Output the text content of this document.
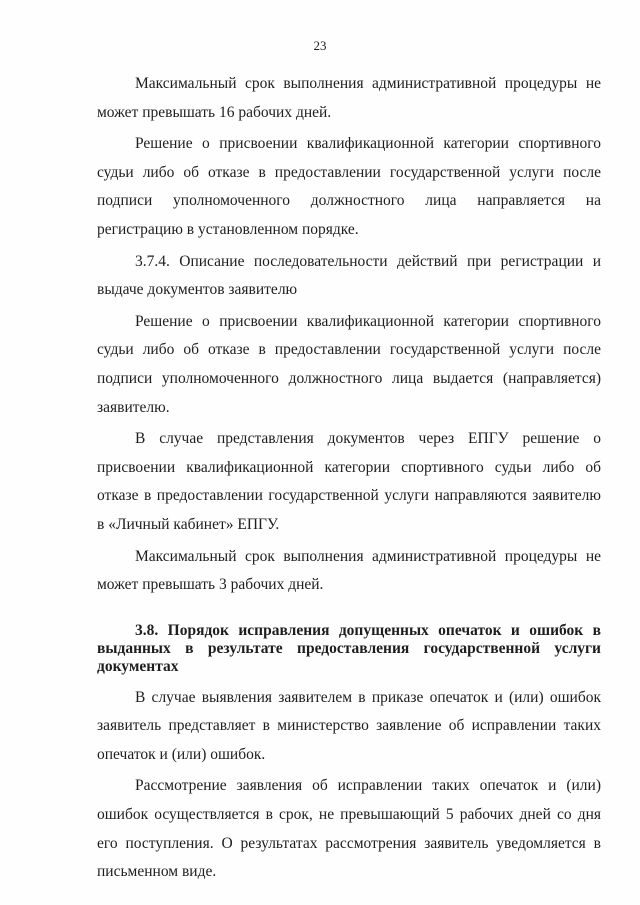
23

Максимальный срок выполнения административной процедуры не может превышать 16 рабочих дней.

Решение о присвоении квалификационной категории спортивного судьи либо об отказе в предоставлении государственной услуги после подписи уполномоченного должностного лица направляется на регистрацию в установленном порядке.

3.7.4. Описание последовательности действий при регистрации и выдаче документов заявителю

Решение о присвоении квалификационной категории спортивного судьи либо об отказе в предоставлении государственной услуги после подписи уполномоченного должностного лица выдается (направляется) заявителю.

В случае представления документов через ЕПГУ решение о присвоении квалификационной категории спортивного судьи либо об отказе в предоставлении государственной услуги направляются заявителю в «Личный кабинет» ЕПГУ.

Максимальный срок выполнения административной процедуры не может превышать 3 рабочих дней.

3.8. Порядок исправления допущенных опечаток и ошибок в выданных в результате предоставления государственной услуги документах

В случае выявления заявителем в приказе опечаток и (или) ошибок заявитель представляет в министерство заявление об исправлении таких опечаток и (или) ошибок.

Рассмотрение заявления об исправлении таких опечаток и (или) ошибок осуществляется в срок, не превышающий 5 рабочих дней со дня его поступления. О результатах рассмотрения заявитель уведомляется в письменном виде.
